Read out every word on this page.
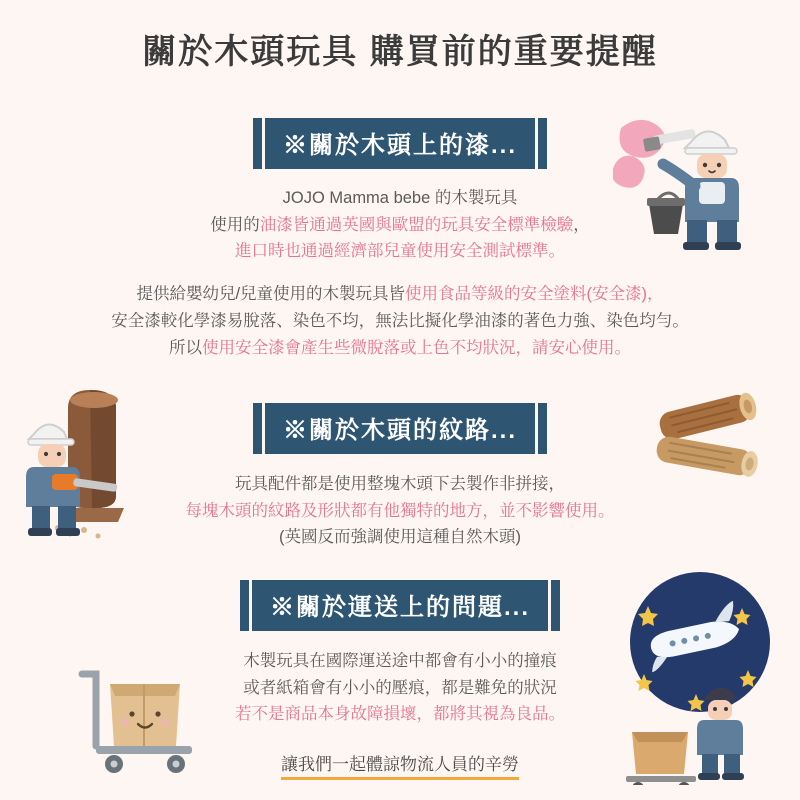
關於木頭玩具 購買前的重要提醒
※關於木頭上的漆...
JOJO Mamma bebe 的木製玩具
使用的油漆皆通過英國與歐盟的玩具安全標準檢驗，
進口時也通過經濟部兒童使用安全測試標準。
提供給嬰幼兒/兒童使用的木製玩具皆使用食品等級的安全塗料(安全漆)，
安全漆較化學漆易脫落、染色不均，無法比擬化學油漆的著色力強、染色均勻。
所以使用安全漆會產生些微脫落或上色不均狀況，請安心使用。
※關於木頭的紋路...
玩具配件都是使用整塊木頭下去製作非拼接，
每塊木頭的紋路及形狀都有他獨特的地方，並不影響使用。
(英國反而強調使用這種自然木頭)
※關於運送上的問題...
木製玩具在國際運送途中都會有小小的撞痕
或者紙箱會有小小的壓痕，都是難免的狀況
若不是商品本身故障損壞，都將其視為良品。
讓我們一起體諒物流人員的辛勞
